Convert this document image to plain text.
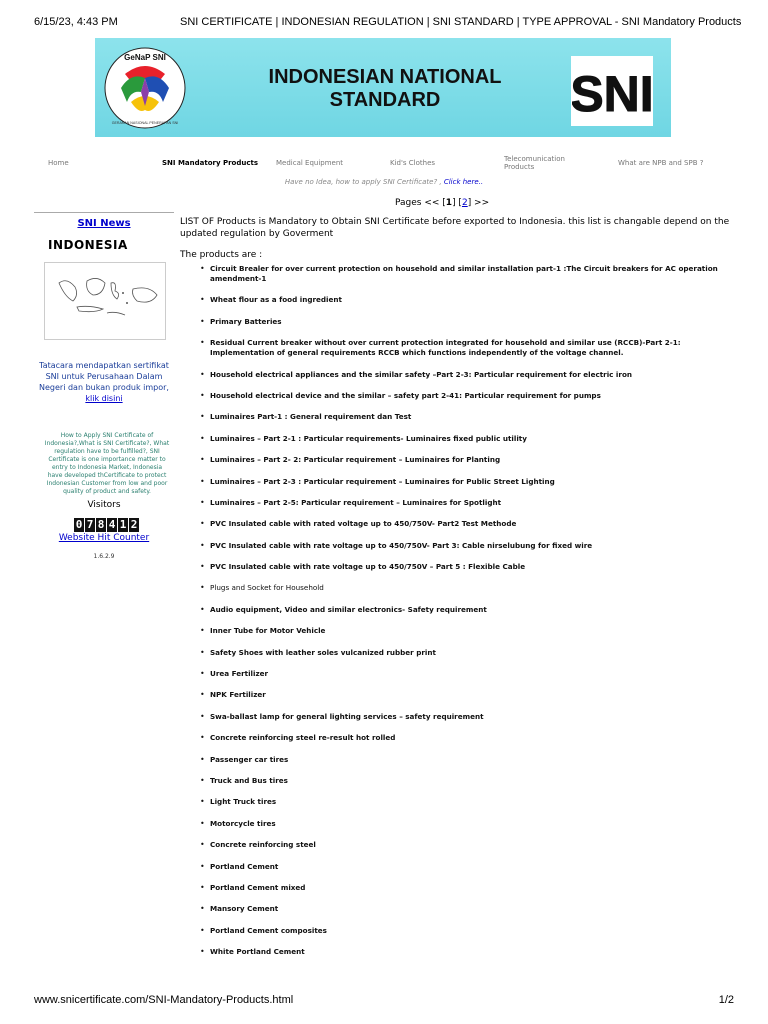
6/15/23, 4:43 PM	SNI CERTIFICATE | INDONESIAN REGULATION | SNI STANDARD | TYPE APPROVAL - SNI Mandatory Products
GeNaP SNI
GERAKAN NASIONAL PENERAPAN SNI
INDONESIAN NATIONAL
STANDARD	SNI
Home	SNI Mandatory Products	Medical Equipment	Kid's Clothes	Telecomunication Products	What are NPB and SPB ?
Have no Idea, how to apply SNI Certificate? , Click here..
SNI News
INDONESIA
Tatacara mendapatkan sertifikat SNI untuk Perusahaan Dalam Negeri dan bukan produk impor,
klik disini
How to Apply SNI Certificate of Indonesia?,What is SNI Certificate?, What regulation have to be fulfilled?, SNI Certificate is one importance matter to entry to Indonesia Market, Indonesia have developed thCertificate to protect Indonesian Customer from low and poor quality of product and safety.
Visitors
0 7 8 4 1 2
Website Hit Counter
1.6.2.9
Pages << [1] [2] >>
LIST OF Products is Mandatory to Obtain SNI Certificate before exported to Indonesia. this list is changable depend on the updated regulation by Goverment
The products are :
• Circuit Brealer for over current protection on household and similar installation part-1 :The Circuit breakers for AC operation amendment-1
• Wheat flour as a food ingredient
• Primary Batteries
• Residual Current breaker without over current protection integrated for household and similar use (RCCB)-Part 2-1: Implementation of general requirements RCCB which functions independently of the voltage channel.
• Household electrical appliances and the similar safety –Part 2-3: Particular requirement for electric iron
• Household electrical device and the similar – safety part 2-41: Particular requirement for pumps
• Luminaires Part-1 : General requirement dan Test
• Luminaires – Part 2-1 : Particular requirements- Luminaires fixed public utility
• Luminaires – Part 2- 2: Particular requirement – Luminaires for Planting
• Luminaires – Part 2-3 : Particular requirement – Luminaires for Public Street Lighting
• Luminaires – Part 2-5: Particular requirement – Luminaires for Spotlight
• PVC Insulated cable with rated voltage up to 450/750V- Part2 Test Methode
• PVC Insulated cable with rate voltage up to 450/750V- Part 3: Cable nirselubung for fixed wire
• PVC Insulated cable with rate voltage up to 450/750V – Part 5 : Flexible Cable
• Plugs and Socket for Household
• Audio equipment, Video and similar electronics- Safety requirement
• Inner Tube for Motor Vehicle
• Safety Shoes with leather soles vulcanized rubber print
• Urea Fertilizer
• NPK Fertilizer
• Swa-ballast lamp for general lighting services – safety requirement
• Concrete reinforcing steel re-result hot rolled
• Passenger car tires
• Truck and Bus tires
• Light Truck tires
• Motorcycle tires
• Concrete reinforcing steel
• Portland Cement
• Portland Cement mixed
• Mansory Cement
• Portland Cement composites
• White Portland Cement
www.snicertificate.com/SNI-Mandatory-Products.html	1/2
